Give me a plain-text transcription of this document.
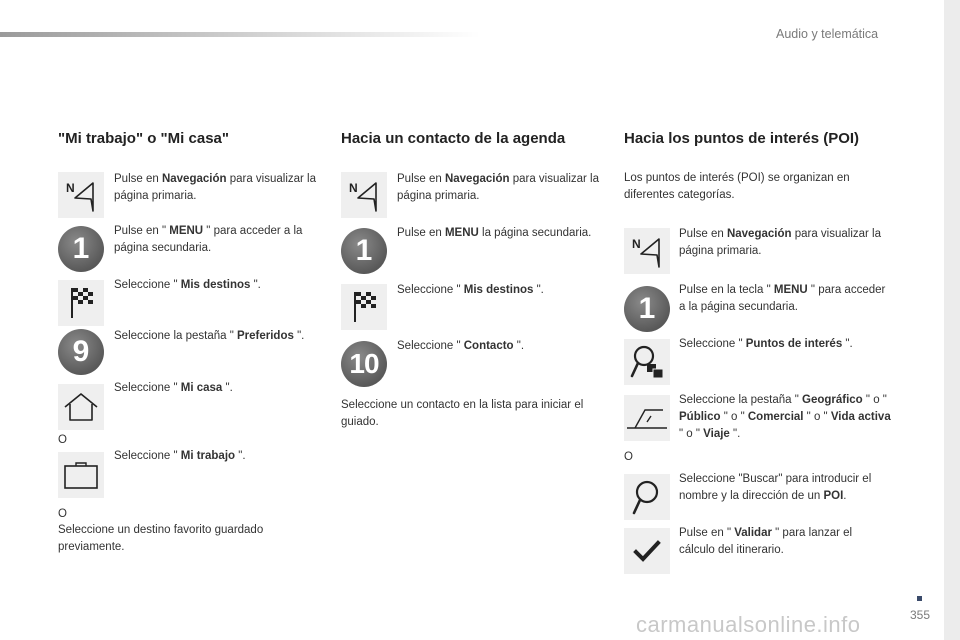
Audio y telemática
"Mi trabajo" o "Mi casa"	Hacia un contacto de la agenda	Hacia los puntos de interés (POI)
N
Pulse en Navegación para visualizar la página primaria.
1
Pulse en " MENU " para acceder a la página secundaria.
Seleccione " Mis destinos ".
9	Seleccione la pestaña " Preferidos ".
Seleccione " Mi casa ".
O
Seleccione " Mi trabajo ".
O
Seleccione un destino favorito guardado previamente.
N
Pulse en Navegación para visualizar la página primaria.
1
Pulse en MENU la página secundaria.
Seleccione " Mis destinos ".
10
Seleccione " Contacto ".
Seleccione un contacto en la lista para iniciar el guiado.
Los puntos de interés (POI) se organizan en diferentes categorías.
N
Pulse en Navegación para visualizar la página primaria.
1
Pulse en la tecla " MENU " para acceder a la página secundaria.
Seleccione " Puntos de interés ".
Seleccione la pestaña " Geográfico " o " Público " o " Comercial " o " Vida activa " o " Viaje ".
O
Seleccione "Buscar" para introducir el nombre y la dirección de un POI.
Pulse en " Validar " para lanzar el cálculo del itinerario.
355
carmanualsonline.info
